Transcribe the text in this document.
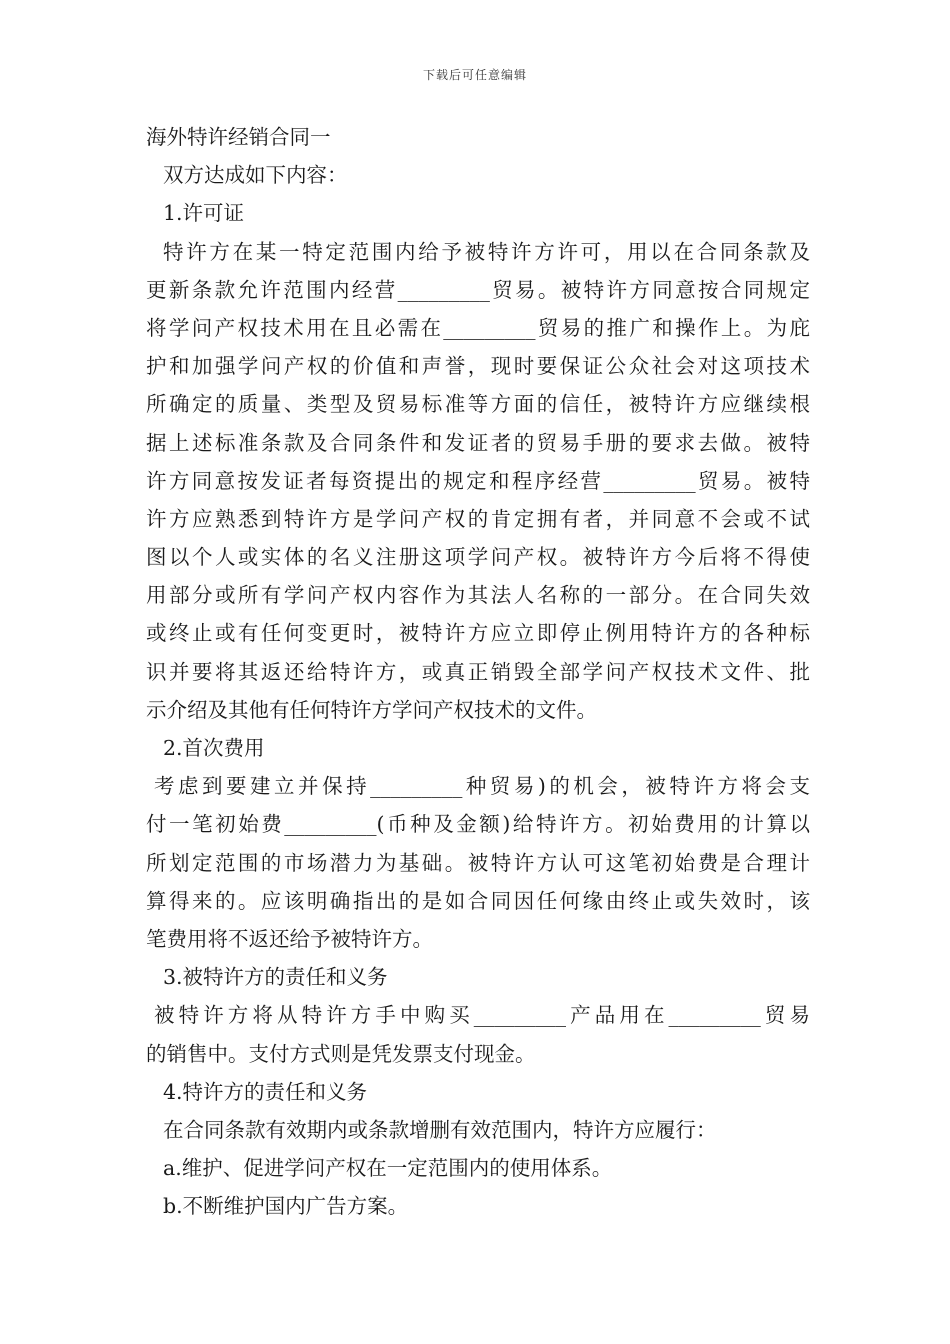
下载后可任意编辑
海外特许经销合同一
双方达成如下内容：
1.许可证
特许方在某一特定范围内给予被特许方许可，用以在合同条款及
更新条款允许范围内经营_________贸易。被特许方同意按合同规定
将学问产权技术用在且必需在_________贸易的推广和操作上。为庇
护和加强学问产权的价值和声誉，现时要保证公众社会对这项技术
所确定的质量、类型及贸易标准等方面的信任，被特许方应继续根
据上述标准条款及合同条件和发证者的贸易手册的要求去做。被特
许方同意按发证者每资提出的规定和程序经营_________贸易。被特
许方应熟悉到特许方是学问产权的肯定拥有者，并同意不会或不试
图以个人或实体的名义注册这项学问产权。被特许方今后将不得使
用部分或所有学问产权内容作为其法人名称的一部分。在合同失效
或终止或有任何变更时，被特许方应立即停止例用特许方的各种标
识并要将其返还给特许方，或真正销毁全部学问产权技术文件、批
示介绍及其他有任何特许方学问产权技术的文件。
2.首次费用
考虑到要建立并保持_________种贸易)的机会，被特许方将会支
付一笔初始费_________(币种及金额)给特许方。初始费用的计算以
所划定范围的市场潜力为基础。被特许方认可这笔初始费是合理计
算得来的。应该明确指出的是如合同因任何缘由终止或失效时，该
笔费用将不返还给予被特许方。
3.被特许方的责任和义务
被特许方将从特许方手中购买_________产品用在_________贸易
的销售中。支付方式则是凭发票支付现金。
4.特许方的责任和义务
在合同条款有效期内或条款增删有效范围内，特许方应履行：
a.维护、促进学问产权在一定范围内的使用体系。
b.不断维护国内广告方案。
